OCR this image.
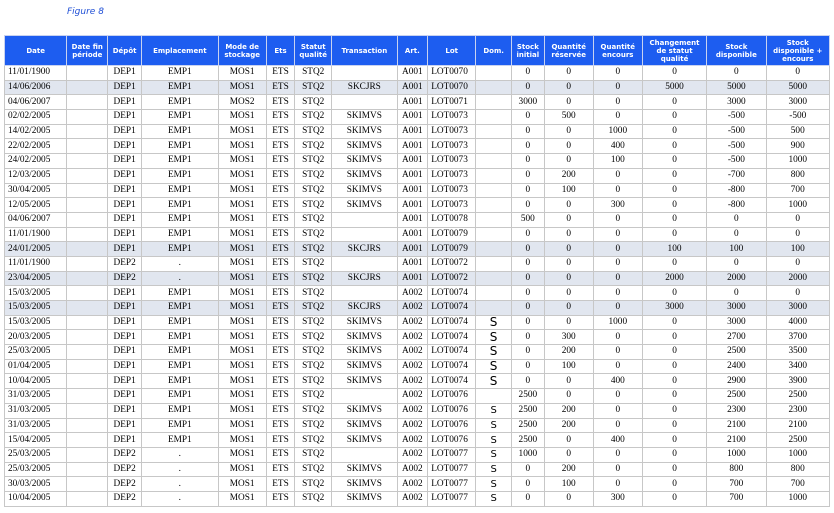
Figure 8
Date	Date fin période	Dépôt	Emplacement	Mode de stockage	Ets	Statut qualité	Transaction	Art.	Lot	Dom.	Stock initial	Quantité réservée	Quantité encours	Changement de statut qualité	Stock disponible	Stock disponible + encours
11/01/1900		DEP1	EMP1	MOS1	ETS	STQ2		A001	LOT0070		0	0	0	0	0	0
14/06/2006		DEP1	EMP1	MOS1	ETS	STQ2	SKCJRS	A001	LOT0070		0	0	0	5000	5000	5000
04/06/2007		DEP1	EMP1	MOS2	ETS	STQ2		A001	LOT0071		3000	0	0	0	3000	3000
02/02/2005		DEP1	EMP1	MOS1	ETS	STQ2	SKIMVS	A001	LOT0073		0	500	0	0	-500	-500
14/02/2005		DEP1	EMP1	MOS1	ETS	STQ2	SKIMVS	A001	LOT0073		0	0	1000	0	-500	500
22/02/2005		DEP1	EMP1	MOS1	ETS	STQ2	SKIMVS	A001	LOT0073		0	0	400	0	-500	900
24/02/2005		DEP1	EMP1	MOS1	ETS	STQ2	SKIMVS	A001	LOT0073		0	0	100	0	-500	1000
12/03/2005		DEP1	EMP1	MOS1	ETS	STQ2	SKIMVS	A001	LOT0073		0	200	0	0	-700	800
30/04/2005		DEP1	EMP1	MOS1	ETS	STQ2	SKIMVS	A001	LOT0073		0	100	0	0	-800	700
12/05/2005		DEP1	EMP1	MOS1	ETS	STQ2	SKIMVS	A001	LOT0073		0	0	300	0	-800	1000
04/06/2007		DEP1	EMP1	MOS1	ETS	STQ2		A001	LOT0078		500	0	0	0	0	0
11/01/1900		DEP1	EMP1	MOS1	ETS	STQ2		A001	LOT0079		0	0	0	0	0	0
24/01/2005		DEP1	EMP1	MOS1	ETS	STQ2	SKCJRS	A001	LOT0079		0	0	0	100	100	100
11/01/1900		DEP2	.	MOS1	ETS	STQ2		A001	LOT0072		0	0	0	0	0	0
23/04/2005		DEP2	.	MOS1	ETS	STQ2	SKCJRS	A001	LOT0072		0	0	0	2000	2000	2000
15/03/2005		DEP1	EMP1	MOS1	ETS	STQ2		A002	LOT0074		0	0	0	0	0	0
15/03/2005		DEP1	EMP1	MOS1	ETS	STQ2	SKCJRS	A002	LOT0074		0	0	0	3000	3000	3000
15/03/2005		DEP1	EMP1	MOS1	ETS	STQ2	SKIMVS	A002	LOT0074	S	0	0	1000	0	3000	4000
20/03/2005		DEP1	EMP1	MOS1	ETS	STQ2	SKIMVS	A002	LOT0074	S	0	300	0	0	2700	3700
25/03/2005		DEP1	EMP1	MOS1	ETS	STQ2	SKIMVS	A002	LOT0074	S	0	200	0	0	2500	3500
01/04/2005		DEP1	EMP1	MOS1	ETS	STQ2	SKIMVS	A002	LOT0074	S	0	100	0	0	2400	3400
10/04/2005		DEP1	EMP1	MOS1	ETS	STQ2	SKIMVS	A002	LOT0074	S	0	0	400	0	2900	3900
31/03/2005		DEP1	EMP1	MOS1	ETS	STQ2		A002	LOT0076		2500	0	0	0	2500	2500
31/03/2005		DEP1	EMP1	MOS1	ETS	STQ2	SKIMVS	A002	LOT0076	S	2500	200	0	0	2300	2300
31/03/2005		DEP1	EMP1	MOS1	ETS	STQ2	SKIMVS	A002	LOT0076	S	2500	200	0	0	2100	2100
15/04/2005		DEP1	EMP1	MOS1	ETS	STQ2	SKIMVS	A002	LOT0076	S	2500	0	400	0	2100	2500
25/03/2005		DEP2	.	MOS1	ETS	STQ2		A002	LOT0077	S	1000	0	0	0	1000	1000
25/03/2005		DEP2	.	MOS1	ETS	STQ2	SKIMVS	A002	LOT0077	S	0	200	0	0	800	800
30/03/2005		DEP2	.	MOS1	ETS	STQ2	SKIMVS	A002	LOT0077	S	0	100	0	0	700	700
10/04/2005		DEP2	.	MOS1	ETS	STQ2	SKIMVS	A002	LOT0077	S	0	0	300	0	700	1000
